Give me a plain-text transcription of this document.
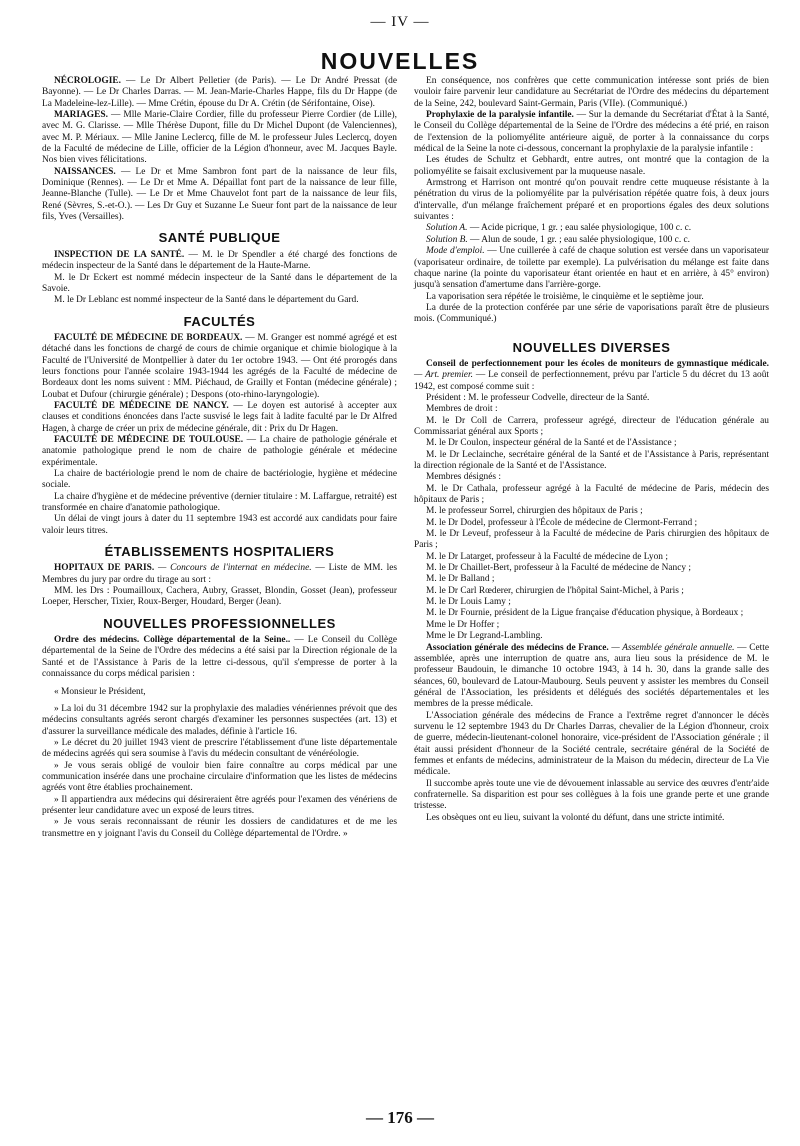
— IV —
NOUVELLES

NÉCROLOGIE. — Le Dr Albert Pelletier (de Paris). — Le Dr André Pressat (de Bayonne). — Le Dr Charles Darras. — M. Jean-Marie-Charles Happe, fils du Dr Happe (de La Madeleine-lez-Lille). — Mme Crétin, épouse du Dr A. Crétin (de Sérifontaine, Oise).

MARIAGES. — Mlle Marie-Claire Cordier, fille du professeur Pierre Cordier (de Lille), avec M. G. Clarisse. — Mlle Thérèse Dupont, fille du Dr Michel Dupont (de Valenciennes), avec M. P. Mériaux. — Mlle Janine Leclercq, fille de M. le professeur Jules Leclercq, doyen de la Faculté de médecine de Lille, officier de la Légion d'honneur, avec M. Jacques Bayle. Nos bien vives félicitations.

NAISSANCES. — Le Dr et Mme Sambron font part de la naissance de leur fils, Dominique (Rennes). — Le Dr et Mme A. Dépaillat font part de la naissance de leur fille, Jeanne-Blanche (Tulle). — Le Dr et Mme Chauvelot font part de la naissance de leur fils, René (Sèvres, S.-et-O.). — Les Dr Guy et Suzanne Le Sueur font part de la naissance de leur fils, Yves (Versailles).

SANTÉ PUBLIQUE

INSPECTION DE LA SANTÉ. — M. le Dr Spendler a été chargé des fonctions de médecin inspecteur de la Santé dans le département de la Haute-Marne.

M. le Dr Eckert est nommé médecin inspecteur de la Santé dans le département de la Savoie.

M. le Dr Leblanc est nommé inspecteur de la Santé dans le département du Gard.

FACULTÉS

FACULTÉ DE MÉDECINE DE BORDEAUX. — M. Granger est nommé agrégé et est détaché dans les fonctions de chargé de cours de chimie organique et chimie biologique à la Faculté de l'Université de Montpellier à dater du 1er octobre 1943. — Ont été prorogés dans leurs fonctions pour l'année scolaire 1943-1944 les agrégés de la Faculté de médecine de Bordeaux dont les noms suivent : MM. Piéchaud, de Grailly et Fontan (médecine générale) ; Loubat et Dufour (chirurgie générale) ; Despons (oto-rhino-laryngologie).

FACULTÉ DE MÉDECINE DE NANCY. — Le doyen est autorisé à accepter aux clauses et conditions énoncées dans l'acte susvisé le legs fait à ladite faculté par le Dr Alfred Hagen, à charge de créer un prix de médecine générale, dit : Prix du Dr Hagen.

FACULTÉ DE MÉDECINE DE TOULOUSE. — La chaire de pathologie générale et anatomie pathologique prend le nom de chaire de pathologie générale et médecine expérimentale.

La chaire de bactériologie prend le nom de chaire de bactériologie, hygiène et médecine sociale.

La chaire d'hygiène et de médecine préventive (dernier titulaire : M. Laffargue, retraité) est transformée en chaire d'anatomie pathologique.

Un délai de vingt jours à dater du 11 septembre 1943 est accordé aux candidats pour faire valoir leurs titres.

ÉTABLISSEMENTS HOSPITALIERS

HOPITAUX DE PARIS. — Concours de l'internat en médecine. — Liste de MM. les Membres du jury par ordre du tirage au sort :

MM. les Drs : Poumailloux, Cachera, Aubry, Grasset, Blondin, Gosset (Jean), professeur Loeper, Herscher, Tixier, Roux-Berger, Houdard, Berger (Jean).

NOUVELLES PROFESSIONNELLES

Ordre des médecins. Collège départemental de la Seine.. — Le Conseil du Collège départemental de la Seine de l'Ordre des médecins a été saisi par la Direction régionale de la Santé et de l'Assistance à Paris de la lettre ci-dessous, qu'il s'empresse de porter à la connaissance du corps médical parisien :

« Monsieur le Président,

» La loi du 31 décembre 1942 sur la prophylaxie des maladies vénériennes prévoit que des médecins consultants agréés seront chargés d'examiner les personnes suspectées (art. 13) et d'assurer la surveillance médicale des malades, définie à l'article 16.

» Le décret du 20 juillet 1943 vient de prescrire l'établissement d'une liste départementale de médecins agréés qui sera soumise à l'avis du médecin consultant de vénéréologie.

» Je vous serais obligé de vouloir bien faire connaître au corps médical par une communication insérée dans une prochaine circulaire d'information que les listes de médecins agréés vont être établies prochainement.

» Il appartiendra aux médecins qui désireraient être agréés pour l'examen des vénériens de présenter leur candidature avec un exposé de leurs titres.

» Je vous serais reconnaissant de réunir les dossiers de candidatures et de me les transmettre en y joignant l'avis du Conseil du Collège départemental de l'Ordre. »

En conséquence, nos confrères que cette communication intéresse sont priés de bien vouloir faire parvenir leur candidature au Secrétariat de l'Ordre des médecins du département de la Seine, 242, boulevard Saint-Germain, Paris (VIIe). (Communiqué.)

Prophylaxie de la paralysie infantile. — Sur la demande du Secrétariat d'État à la Santé, le Conseil du Collège départemental de la Seine de l'Ordre des médecins a été prié, en raison de l'extension de la poliomyélite antérieure aiguë, de porter à la connaissance du corps médical de la Seine la note ci-dessous, concernant la prophylaxie de la paralysie infantile :

Les études de Schultz et Gebhardt, entre autres, ont montré que la contagion de la poliomyélite se faisait exclusivement par la muqueuse nasale.

Armstrong et Harrison ont montré qu'on pouvait rendre cette muqueuse résistante à la pénétration du virus de la poliomyélite par la pulvérisation répétée quatre fois, à deux jours d'intervalle, d'un mélange fraîchement préparé et en proportions égales des deux solutions suivantes :

Solution A. — Acide picrique, 1 gr. ; eau salée physiologique, 100 c. c.

Solution B. — Alun de soude, 1 gr. ; eau salée physiologique, 100 c. c.

Mode d'emploi. — Une cuillerée à café de chaque solution est versée dans un vaporisateur (vaporisateur ordinaire, de toilette par exemple). La pulvérisation du mélange est faite dans chaque narine (la pointe du vaporisateur étant orientée en haut et en arrière, à 45° environ) jusqu'à sensation d'amertume dans l'arrière-gorge.

La vaporisation sera répétée le troisième, le cinquième et le septième jour.

La durée de la protection conférée par une série de vaporisations paraît être de plusieurs mois. (Communiqué.)

NOUVELLES DIVERSES

Conseil de perfectionnement pour les écoles de moniteurs de gymnastique médicale. — Art. premier. — Le conseil de perfectionnement, prévu par l'article 5 du décret du 13 août 1942, est composé comme suit :

Président : M. le professeur Codvelle, directeur de la Santé.

Membres de droit :

M. le Dr Coll de Carrera, professeur agrégé, directeur de l'éducation générale au Commissariat général aux Sports ;

M. le Dr Coulon, inspecteur général de la Santé et de l'Assistance ;

M. le Dr Leclainche, secrétaire général de la Santé et de l'Assistance à Paris, représentant la direction régionale de la Santé et de l'Assistance.

Membres désignés :

M. le Dr Cathala, professeur agrégé à la Faculté de médecine de Paris, médecin des hôpitaux de Paris ;

M. le professeur Sorrel, chirurgien des hôpitaux de Paris ;

M. le Dr Dodel, professeur à l'École de médecine de Clermont-Ferrand ;

M. le Dr Leveuf, professeur à la Faculté de médecine de Paris chirurgien des hôpitaux de Paris ;

M. le Dr Latarget, professeur à la Faculté de médecine de Lyon ;

M. le Dr Chaillet-Bert, professeur à la Faculté de médecine de Nancy ;

M. le Dr Balland ;

M. le Dr Carl Rœderer, chirurgien de l'hôpital Saint-Michel, à Paris ;

M. le Dr Louis Lamy ;

M. le Dr Fournie, président de la Ligue française d'éducation physique, à Bordeaux ;

Mme le Dr Hoffer ;

Mme le Dr Legrand-Lambling.

Association générale des médecins de France. — Assemblée générale annuelle. — Cette assemblée, après une interruption de quatre ans, aura lieu sous la présidence de M. le professeur Baudouin, le dimanche 10 octobre 1943, à 14 h. 30, dans la grande salle des séances, 60, boulevard de Latour-Maubourg. Seuls peuvent y assister les membres du Conseil général de l'Association, les présidents et délégués des sociétés départementales et les membres de la presse médicale.

L'Association générale des médecins de France a l'extrême regret d'annoncer le décès survenu le 12 septembre 1943 du Dr Charles Darras, chevalier de la Légion d'honneur, croix de guerre, médecin-lieutenant-colonel honoraire, vice-président de l'Association générale ; il était aussi président d'honneur de la Société centrale, secrétaire général de la Société de femmes et enfants de médecins, administrateur de la Maison du médecin, directeur de La Vie médicale.

Il succombe après toute une vie de dévouement inlassable au service des œuvres d'entr'aide confraternelle. Sa disparition est pour ses collègues à la fois une grande perte et une grande tristesse.

Les obsèques ont eu lieu, suivant la volonté du défunt, dans une stricte intimité.

— 176 —
